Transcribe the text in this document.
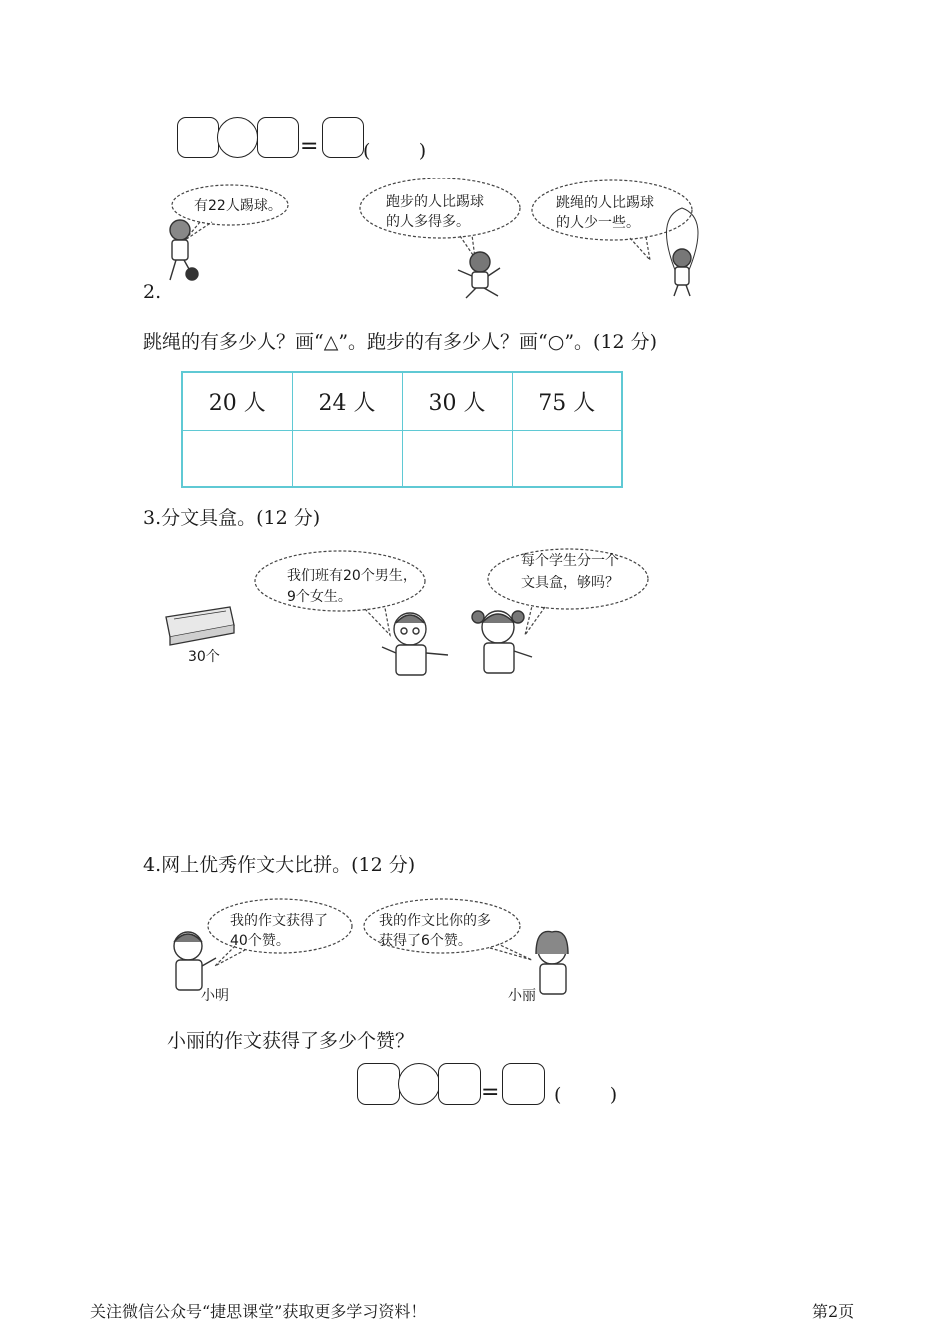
= (        )
有22人踢球。	跑步的人比踢球
的人多得多。
跳绳的人比踢球
的人少一些。
2.
跳绳的有多少人？画“△”。跑步的有多少人？画“○”。(12 分)
20 人	24 人	30 人	75 人

3.分文具盒。(12 分)
30个
我们班有20个男生，
9个女生。
每个学生分一个
文具盒，够吗？
4.网上优秀作文大比拼。(12 分)
我的作文获得了
40个赞。
我的作文比你的多
获得了6个赞。
小明	小丽
小丽的作文获得了多少个赞？
=	(        )
关注微信公众号“捷思课堂”获取更多学习资料！	第2页
